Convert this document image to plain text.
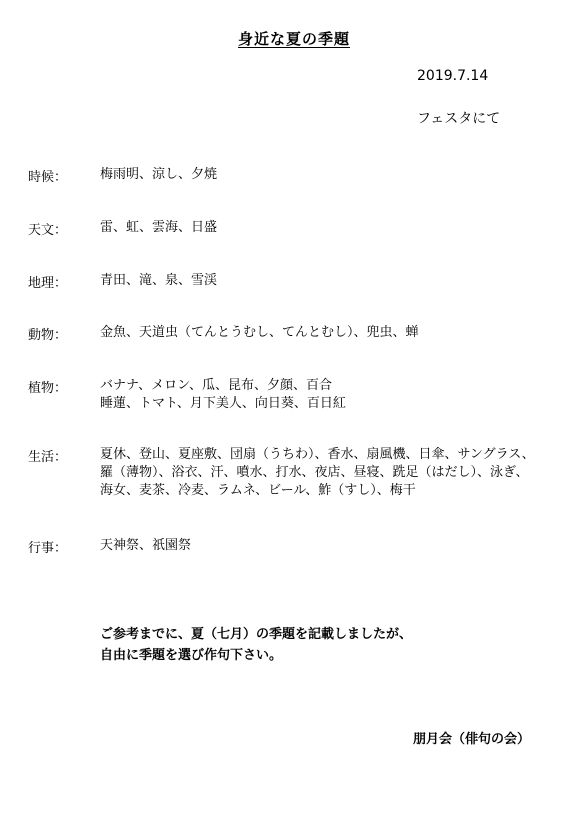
身近な夏の季題
2019.7.14
フェスタにて
時候：	梅雨明、涼し、夕焼
天文：	雷、虹、雲海、日盛
地理：	青田、滝、泉、雪渓
動物：	金魚、天道虫（てんとうむし、てんとむし）、兜虫、蝉
植物：	バナナ、メロン、瓜、昆布、夕顔、百合
睡蓮、トマト、月下美人、向日葵、百日紅
生活：	夏休、登山、夏座敷、団扇（うちわ）、香水、扇風機、日傘、サングラス、
羅（薄物）、浴衣、汗、噴水、打水、夜店、昼寝、跣足（はだし）、泳ぎ、
海女、麦茶、冷麦、ラムネ、ビール、鮓（すし）、梅干
行事：	天神祭、祇園祭
ご参考までに、夏（七月）の季題を記載しましたが、
自由に季題を選び作句下さい。
朋月会（俳句の会）
